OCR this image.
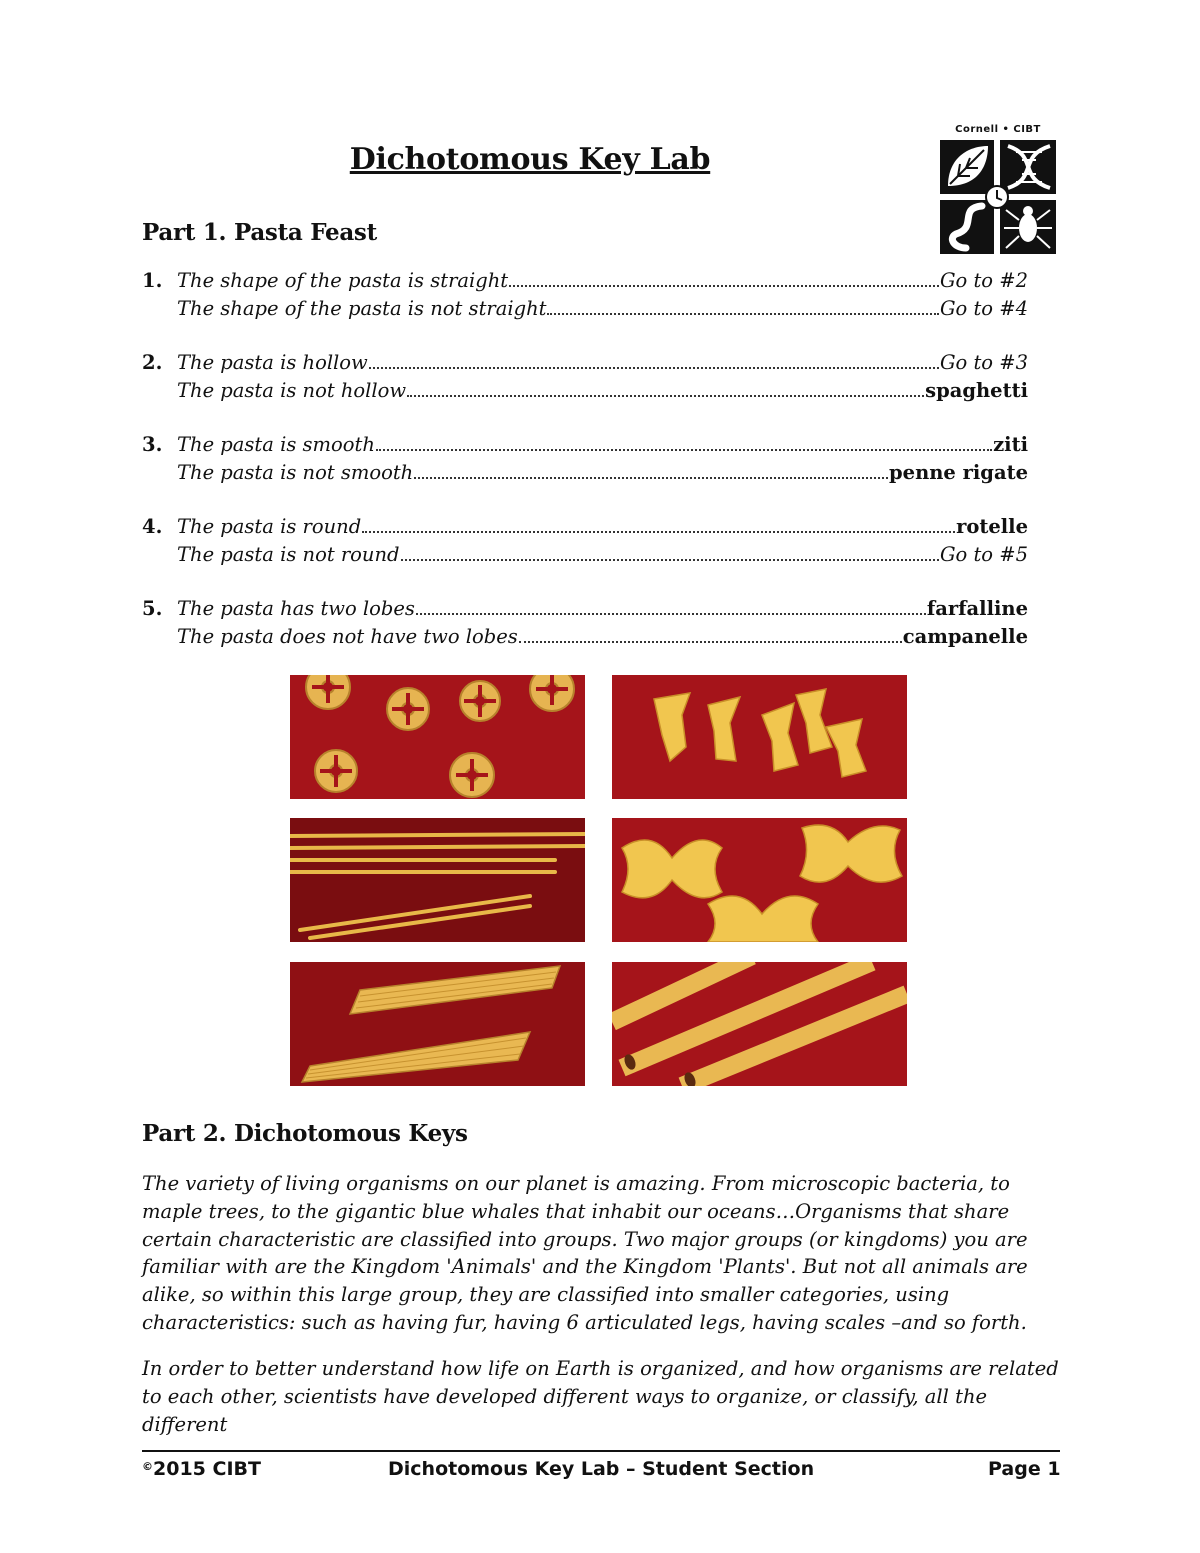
Dichotomous Key Lab
Cornell • CIBT
Part 1. Pasta Feast
1. The shape of the pasta is straight	Go to #2
The shape of the pasta is not straight	Go to #4
2. The pasta is hollow	Go to #3
The pasta is not hollow	spaghetti
3. The pasta is smooth	ziti
The pasta is not smooth	penne rigate
4. The pasta is round	rotelle
The pasta is not round	Go to #5
5. The pasta has two lobes	farfalline
The pasta does not have two lobes	campanelle
Part 2. Dichotomous Keys
The variety of living organisms on our planet is amazing. From microscopic bacteria, to maple trees, to the gigantic blue whales that inhabit our oceans…Organisms that share certain characteristic are classified into groups. Two major groups (or kingdoms) you are familiar with are the Kingdom 'Animals' and the Kingdom 'Plants'. But not all animals are alike, so within this large group, they are classified into smaller categories, using characteristics: such as having fur, having 6 articulated legs, having scales –and so forth.
In order to better understand how life on Earth is organized, and how organisms are related to each other, scientists have developed different ways to organize, or classify, all the different
©2015 CIBT	Dichotomous Key Lab – Student Section	Page 1
